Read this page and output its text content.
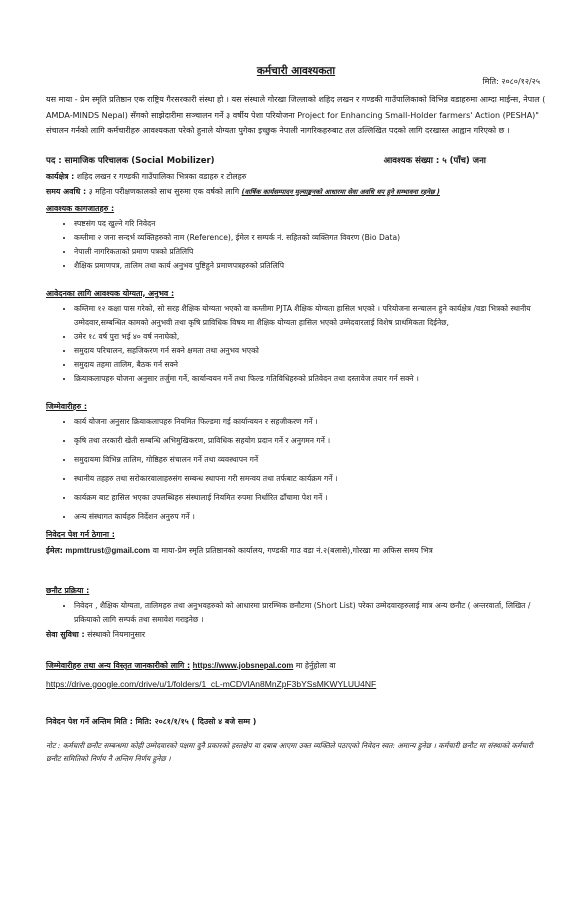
कर्मचारी आवश्यकता
मिति: २०८०/१२/२५

यस माया - प्रेम स्मृति प्रतिष्ठान एक राष्ट्रिय गैरसरकारी संस्था हो । यस संस्थाले गोरखा जिल्लाको शहिद लखन र गण्डकी गाउँपालिकाको विभिन्न वडाहरुमा आम्दा माईन्स, नेपाल ( AMDA-MINDS Nepal) सँगको साझेदारीमा सञ्चालन गर्ने ३ वर्षीय पेशा परियोजना Project for Enhancing Small-Holder farmers' Action (PESHA)" संचालन गर्नको लागि कर्मचारीहरु आवश्यकता परेको हुनाले योग्यता पुगेका इच्छुक नेपाली नागरिकहरुबाट तल उल्लिखित पदको लागि दरखास्त आह्वान गरिएको छ ।

पद : सामाजिक परिचालक (Social Mobilizer)	आवश्यक संख्या : ५ (पाँच) जना
कार्यक्षेत्र : शहिद लखन र गण्डकी गाउँपालिका भित्रका वडाहरु र टोलहरु
समय अवधि : ३ महिना परीक्षणकालको साथ सुरुमा एक वर्षको लागि (वार्षिक कार्यसम्पादन मुल्याङ्कनको आधारमा सेवा अवधि थप हुने सम्भावना रहनेछ )
आवश्यक कागजातहरु :
• स्पष्टसंग पद खुल्ने गरि निवेदन
• कम्तीमा २ जना सन्दर्भ व्यक्तिहरुको नाम (Reference), ईमेल र सम्पर्क नं. सहितको व्यक्तिगत विवरण (Bio Data)
• नेपाली नागरिकताको प्रमाण पत्रको प्रतिलिपि
• शैक्षिक प्रमाणपत्र, तालिम तथा कार्य अनुभव पुष्टिहुने प्रमाणपत्रहरुको प्रतिलिपि
आवेदनका लागि आवश्यक योग्यता, अनुभव :
• कम्तिमा १२ कक्षा पास गरेको, सो सरह शैक्षिक योग्यता भएको वा कम्तीमा PJTA शैक्षिक योग्यता हासिल भएको । परियोजना सन्चालन हुने कार्यक्षेत्र /वडा भित्रको स्थानीय उम्मेदवार,सम्बन्धित कामको अनुभवी तथा कृषि प्राविधिक विषय मा शैक्षिक योग्यता हासिल भएको उम्मेदवारलाई विशेष प्राथमिकता दिईनेछ,
• उमेर १८ वर्ष पुरा भई ४० वर्ष ननाघेको,
• समुदाय परिचालन, सहजिकरण गर्न सक्ने क्षमता तथा अनुभव भएको
• समुदाय तहमा तालिम, बैठक गर्न सक्ने
• क्रियाकलापहरु योजना अनुसार तर्जुमा गर्ने, कार्यान्वयन गर्ने तथा फिल्ड गतिविधिहरुको प्रतिवेदन तथा दस्तावेज तयार गर्न सक्ने ।
जिम्मेवारीहरु :
• कार्य योजना अनुसार क्रियाकलापहरु नियमित फिल्डमा गई कार्यान्वयन र सहजीकरण गर्ने ।
• कृषि तथा तरकारी खेती सम्बन्धि अभिमुखिकरण, प्राविधिक सहयोग प्रदान गर्ने र अनुगमन गर्ने ।
• समुदायमा विभिन्न तालिम, गोष्ठिहरु संचालन गर्ने तथा व्यवस्थापन गर्ने
• स्थानीय तहहरु तथा सरोकारवालाहरुसंग सम्बन्ध स्थापना गरी समन्वय तथा तर्फबाट कार्यक्रम गर्ने ।
• कार्यक्रम बाट हासिल भएका उपलब्धिहरु संस्थालाई नियमित रुपमा निर्धारित ढाँचामा पेश गर्ने ।
• अन्य संस्थागत कार्यहरु निर्देशन अनुरुप गर्ने ।
निवेदन पेश गर्न ठेगाना :
ईमेल: mpmttrust@gmail.com वा माया-प्रेम स्मृति प्रतिष्ठानको कार्यालय, गण्डकी गाउ वडा नं.२(बलासे),गोरखा मा अफिस समय भित्र
छनौट प्रक्रिया :
• निवेदन , शैक्षिक योग्यता, तालिमहरु तथा अनुभवहरुको को आधारमा प्रारम्भिक छनौटमा (Short List) परेका उम्मेदवारहरुलाई मात्र अन्य छनौट ( अन्तरवार्ता, लिखित /प्रकियाको लागि सम्पर्क तथा समावेश गराइनेछ ।
सेवा सुविधा : संस्थाको नियमानुसार
जिम्मेवारीहरु तथा अन्य विस्तृत जानकारीको लागि : https://www.jobsnepal.com मा हेर्नुहोला वा
https://drive.google.com/drive/u/1/folders/1_cL-mCDVlAn8MnZpF3bYSsMKWYLUU4NF
निवेदन पेश गर्ने अन्तिम मिति : मिति: २०८१/१/१५ ( दिउसो ४ बजे सम्म )
नोट : कर्मचारी छनौट सम्बन्धमा कोही उम्मेदवारको पक्षमा दुनै प्रकारको हस्तक्षेप वा दबाब आएमा उक्त व्यक्तिले पठाएको निवेदन स्वत: अमान्य हुनेछ । कर्मचारी छनौट मा संस्थाको कर्मचारी छनौट समितिको निर्णय नै अन्तिम निर्णय हुनेछ ।
